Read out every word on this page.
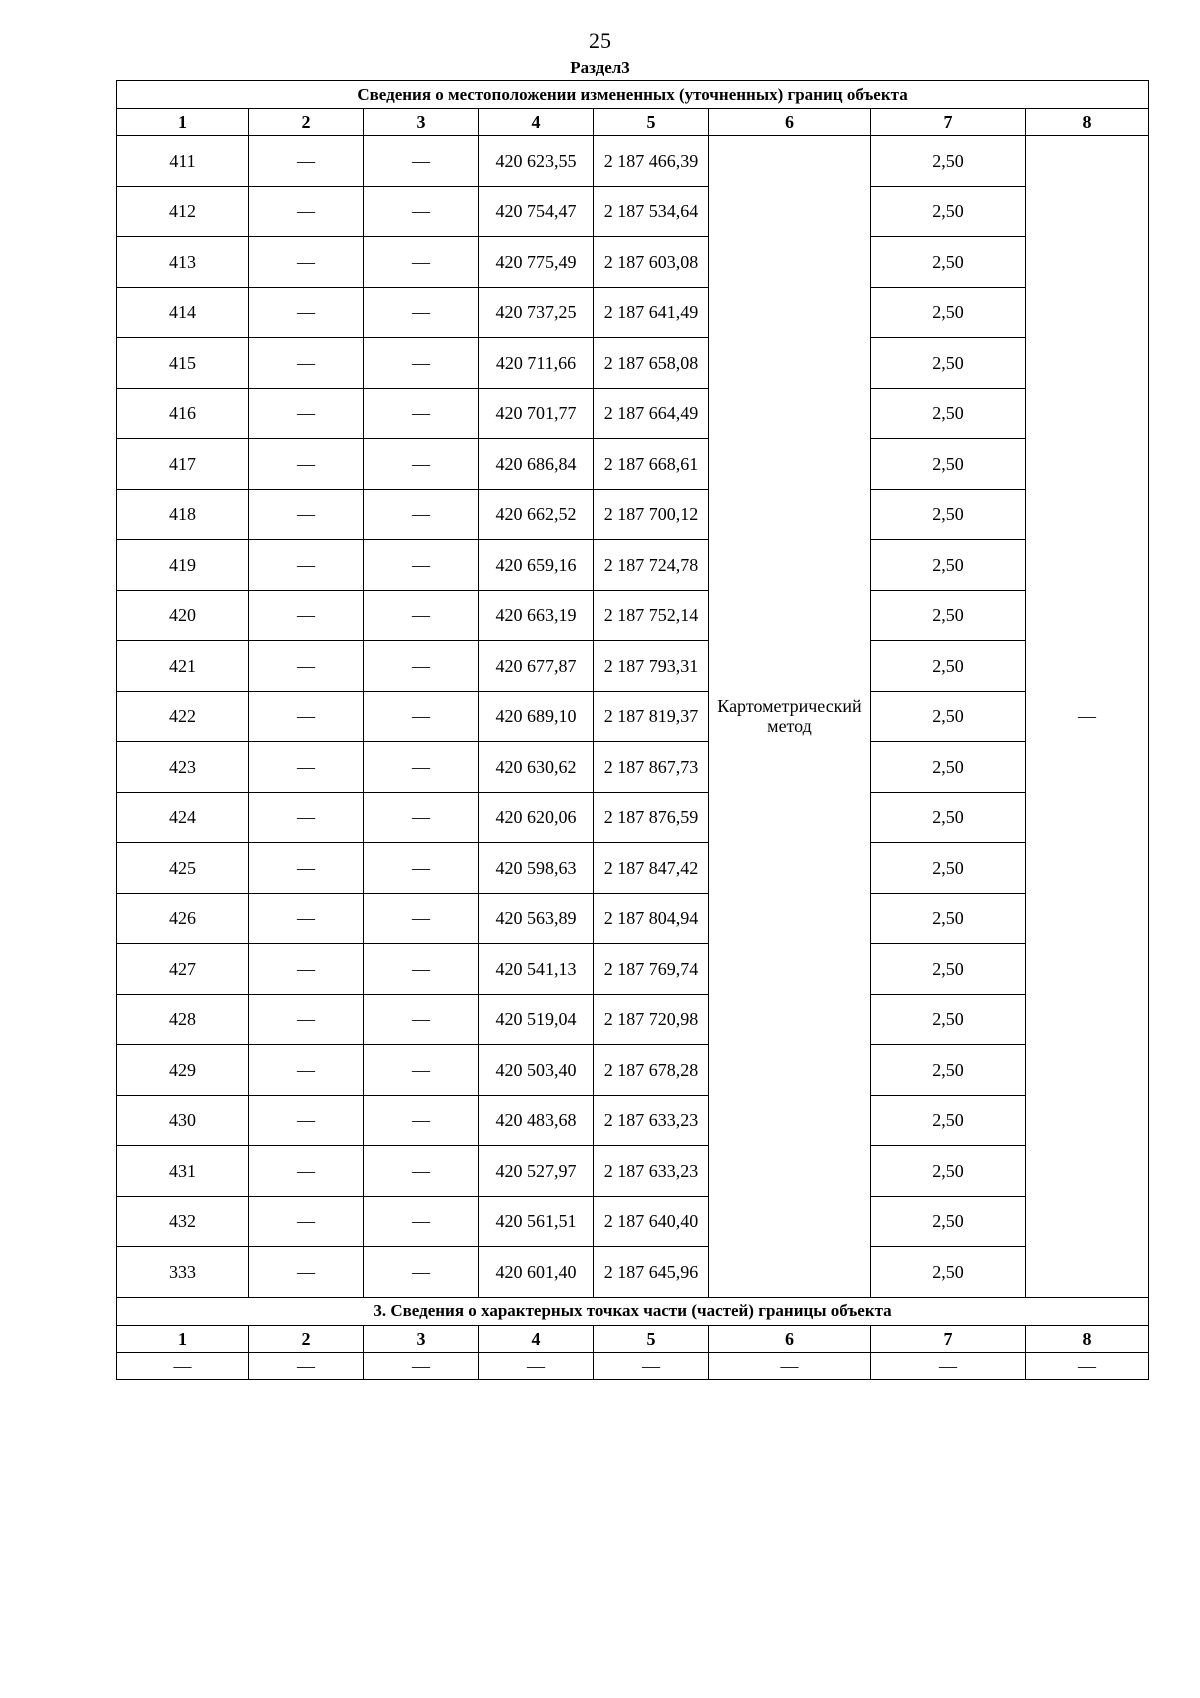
25
Раздел3
Сведения о местоположении измененных (уточненных) границ объекта							
1	2	3	4	5	6	7	8
411	—	—	420 623,55	2 187 466,39	Картометрический метод	2,50	—
412	—	—	420 754,47	2 187 534,64		2,50	
413	—	—	420 775,49	2 187 603,08		2,50	
414	—	—	420 737,25	2 187 641,49		2,50	
415	—	—	420 711,66	2 187 658,08		2,50	
416	—	—	420 701,77	2 187 664,49		2,50	
417	—	—	420 686,84	2 187 668,61		2,50	
418	—	—	420 662,52	2 187 700,12		2,50	
419	—	—	420 659,16	2 187 724,78		2,50	
420	—	—	420 663,19	2 187 752,14		2,50	
421	—	—	420 677,87	2 187 793,31		2,50	
422	—	—	420 689,10	2 187 819,37		2,50	
423	—	—	420 630,62	2 187 867,73		2,50	
424	—	—	420 620,06	2 187 876,59		2,50	
425	—	—	420 598,63	2 187 847,42		2,50	
426	—	—	420 563,89	2 187 804,94		2,50	
427	—	—	420 541,13	2 187 769,74		2,50	
428	—	—	420 519,04	2 187 720,98		2,50	
429	—	—	420 503,40	2 187 678,28		2,50	
430	—	—	420 483,68	2 187 633,23		2,50	
431	—	—	420 527,97	2 187 633,23		2,50	
432	—	—	420 561,51	2 187 640,40		2,50	
333	—	—	420 601,40	2 187 645,96		2,50	
3. Сведения о характерных точках части (частей) границы объекта							
1	2	3	4	5	6	7	8
—	—	—	—	—	—	—	—
